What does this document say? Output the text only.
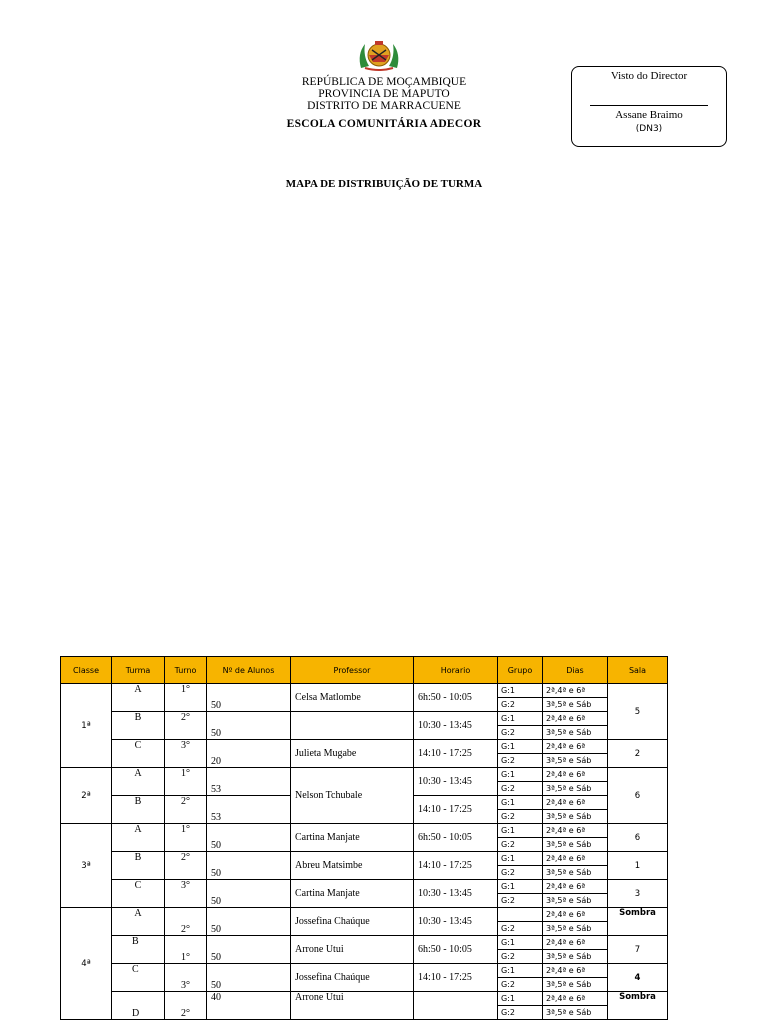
REPÚBLICA DE MOÇAMBIQUE
PROVINCIA DE MAPUTO
DISTRITO DE MARRACUENE
ESCOLA COMUNITÁRIA ADECOR
Visto do Director
Assane Braimo
(DN3)
MAPA DE DISTRIBUIÇÃO DE TURMA
Classe	Turma	Turno	Nº de Alunos	Professor	Horario	Grupo	Dias	Sala
1ª	A	1°	50	Celsa Matlombe	6h:50 - 10:05	G:1	2ª,4ª e 6ª	5
						G:2	3ª,5ª e Sáb	
	B	2°	50		10:30 - 13:45	G:1	2ª,4ª e 6ª	
						G:2	3ª,5ª e Sáb	
	C	3°	20	Julieta Mugabe	14:10 - 17:25	G:1	2ª,4ª e 6ª	2
						G:2	3ª,5ª e Sáb	
2ª	A	1°	53	Nelson Tchubale	10:30 - 13:45	G:1	2ª,4ª e 6ª	6
						G:2	3ª,5ª e Sáb	
	B	2°	53		14:10 - 17:25	G:1	2ª,4ª e 6ª	
						G:2	3ª,5ª e Sáb	
3ª	A	1°	50	Cartina Manjate	6h:50 - 10:05	G:1	2ª,4ª e 6ª	6
						G:2	3ª,5ª e Sáb	
	B	2°	50	Abreu Matsimbe	14:10 - 17:25	G:1	2ª,4ª e 6ª	1
						G:2	3ª,5ª e Sáb	
	C	3°	50	Cartina Manjate	10:30 - 13:45	G:1	2ª,4ª e 6ª	3
						G:2	3ª,5ª e Sáb	
4ª	A	2°	50	Jossefina Chaúque	10:30 - 13:45		2ª,4ª e 6ª	Sombra
						G:2	3ª,5ª e Sáb	
	B	1°	50	Arrone Utui	6h:50 - 10:05	G:1	2ª,4ª e 6ª	7
						G:2	3ª,5ª e Sáb	
	C	3°	50	Jossefina Chaúque	14:10 - 17:25	G:1	2ª,4ª e 6ª	4
						G:2	3ª,5ª e Sáb	
	D	2°	40	Arrone Utui		G:1	2ª,4ª e 6ª	Sombra
						G:2	3ª,5ª e Sáb	
